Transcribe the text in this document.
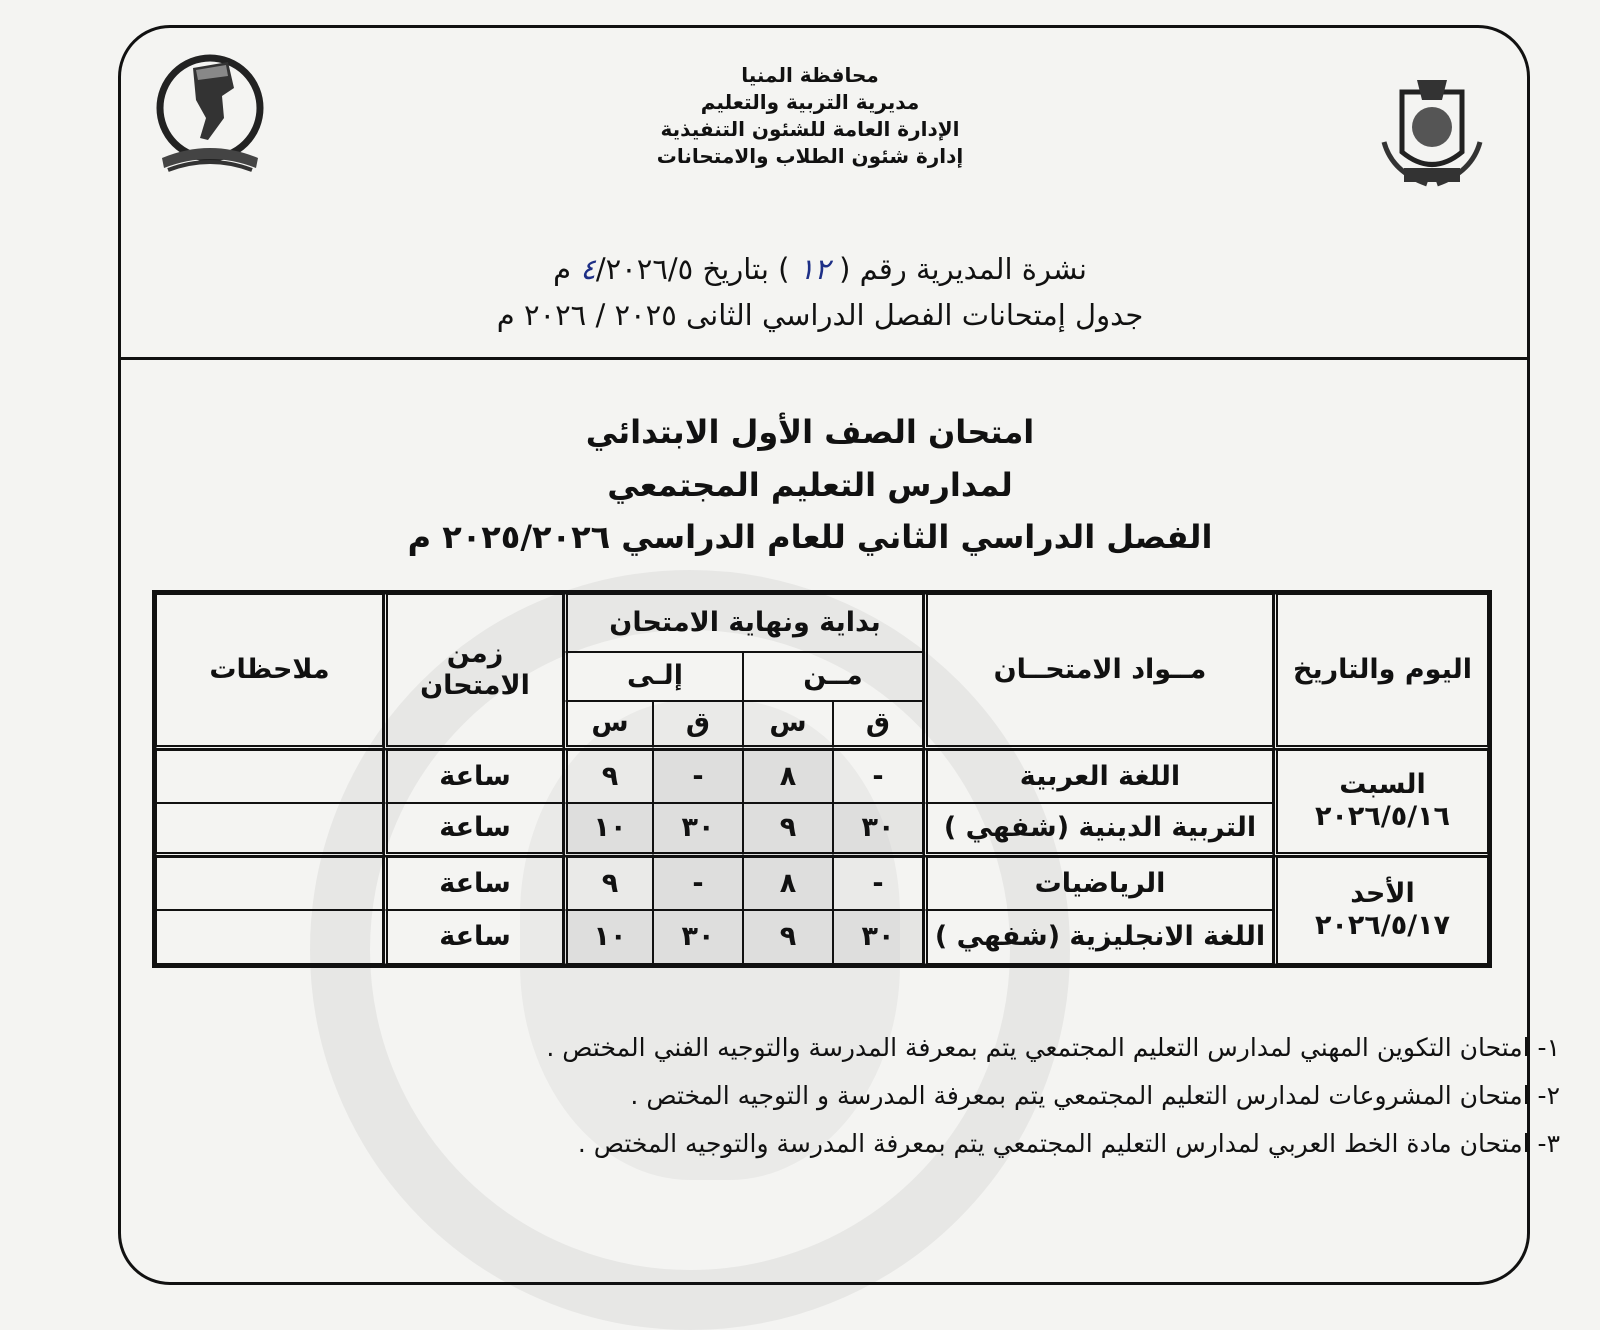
محافظة المنيا
مديرية التربية والتعليم
الإدارة العامة للشئون التنفيذية
إدارة شئون الطلاب والامتحانات
نشرة المديرية رقم ( ١٢ ) بتاريخ ٤/٢٠٢٦/٥ م
جدول إمتحانات الفصل الدراسي الثانى ٢٠٢٥ / ٢٠٢٦ م
امتحان الصف الأول الابتدائي
لمدارس التعليم المجتمعي
الفصل الدراسي الثاني للعام الدراسي ٢٠٢٥/٢٠٢٦ م
اليوم والتاريخ	مــواد الامتحــان	بداية ونهاية الامتحان				زمن الامتحان	ملاحظات
		مــن		إلـى			
		ق	س	ق	س		

السبت
٢٠٢٦/٥/١٦	اللغة العربية	-	٨	-	٩	ساعة	
	التربية الدينية (شفهي )	٣٠	٩	٣٠	١٠	ساعة	

الأحد
٢٠٢٦/٥/١٧	الرياضيات	-	٨	-	٩	ساعة	
	اللغة الانجليزية (شفهي )	٣٠	٩	٣٠	١٠	ساعة	
١- امتحان التكوين المهني لمدارس التعليم المجتمعي يتم بمعرفة المدرسة والتوجيه الفني المختص .
٢- امتحان المشروعات لمدارس التعليم المجتمعي يتم بمعرفة المدرسة و التوجيه المختص .
٣- امتحان مادة الخط العربي لمدارس التعليم المجتمعي يتم بمعرفة المدرسة والتوجيه المختص .
